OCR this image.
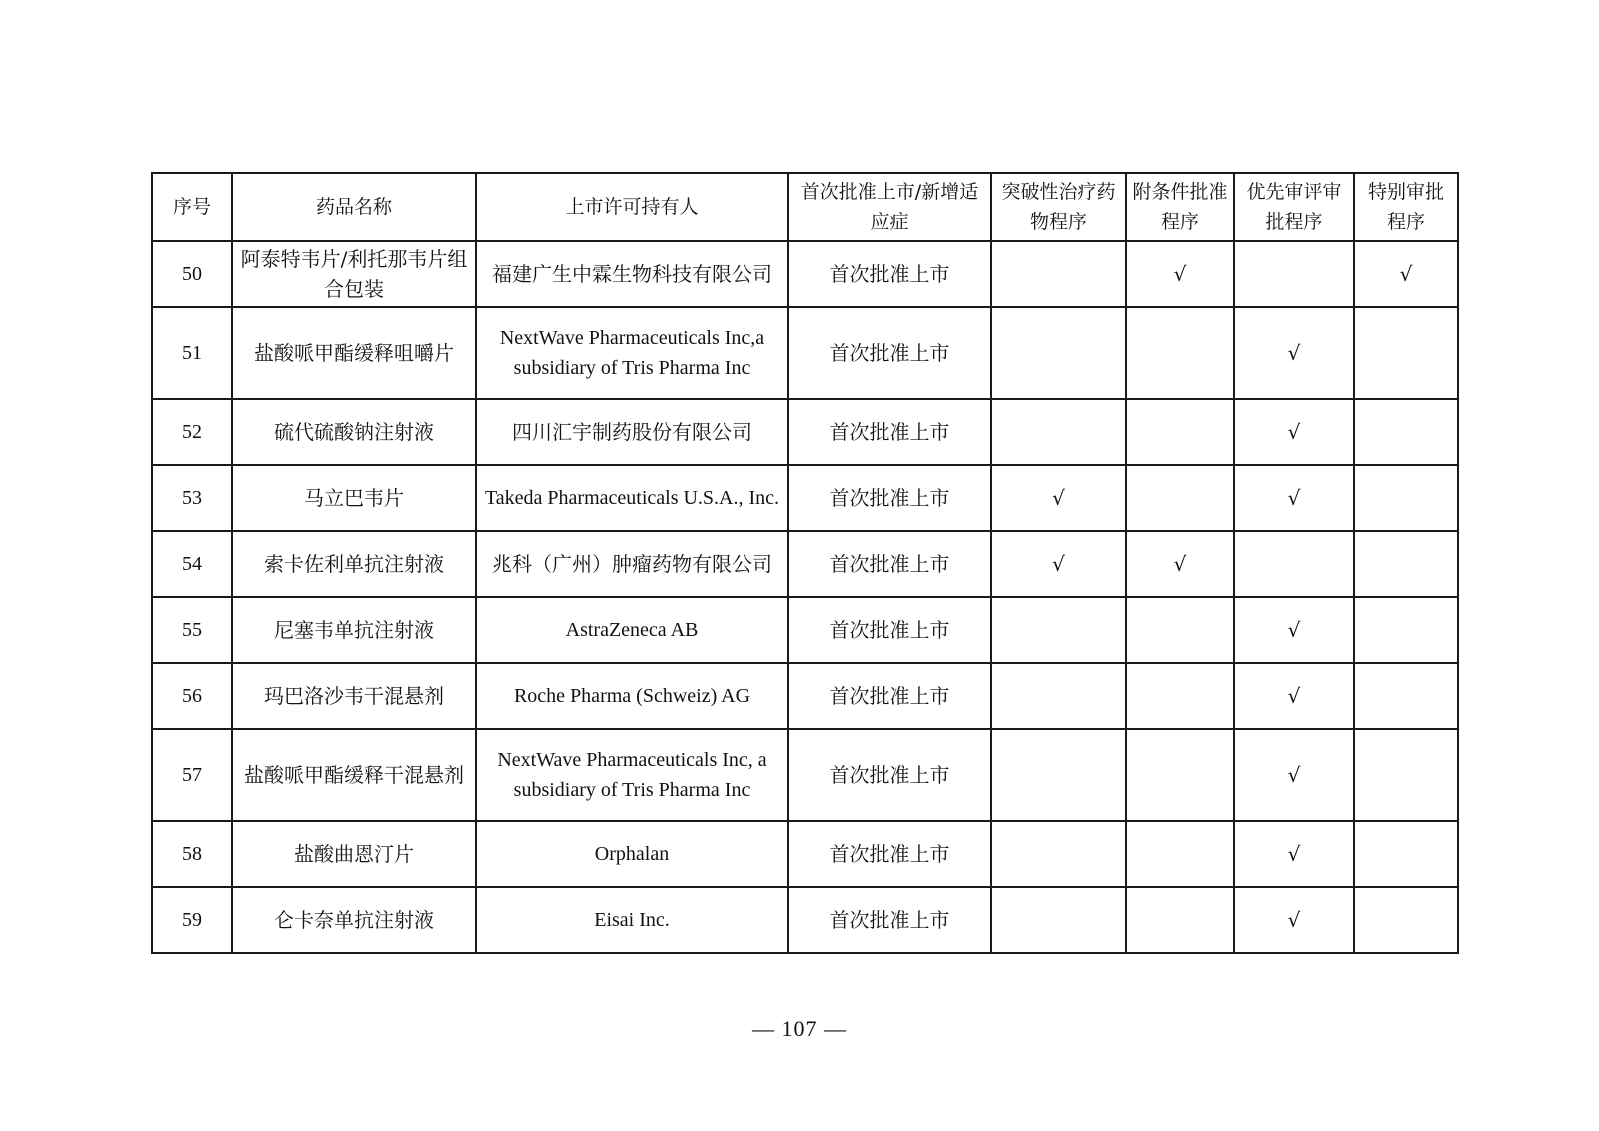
序号	药品名称	上市许可持有人	首次批准上市/新增适应症	突破性治疗药物程序	附条件批准程序	优先审评审批程序	特别审批程序
50	阿泰特韦片/利托那韦片组合包装	福建广生中霖生物科技有限公司	首次批准上市		√		√
51	盐酸哌甲酯缓释咀嚼片	NextWave Pharmaceuticals Inc,a subsidiary of Tris Pharma Inc	首次批准上市			√	
52	硫代硫酸钠注射液	四川汇宇制药股份有限公司	首次批准上市			√	
53	马立巴韦片	Takeda Pharmaceuticals U.S.A., Inc.	首次批准上市	√		√	
54	索卡佐利单抗注射液	兆科（广州）肿瘤药物有限公司	首次批准上市	√	√		
55	尼塞韦单抗注射液	AstraZeneca AB	首次批准上市			√	
56	玛巴洛沙韦干混悬剂	Roche Pharma (Schweiz) AG	首次批准上市			√	
57	盐酸哌甲酯缓释干混悬剂	NextWave Pharmaceuticals Inc, a subsidiary of Tris Pharma Inc	首次批准上市			√	
58	盐酸曲恩汀片	Orphalan	首次批准上市			√	
59	仑卡奈单抗注射液	Eisai Inc.	首次批准上市			√	
— 107 —
